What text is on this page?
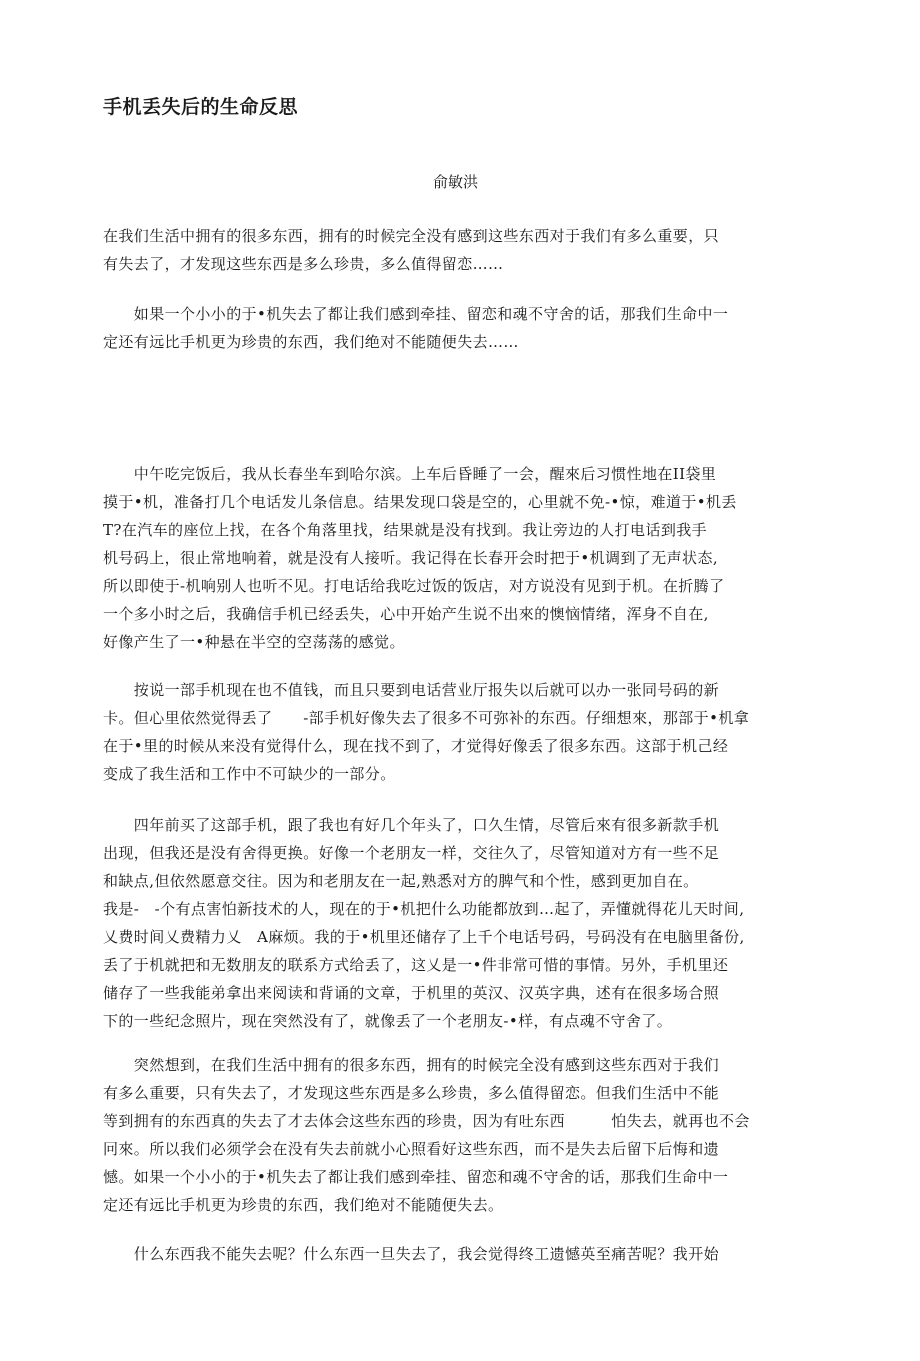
手机丢失后的生命反思
俞敏洪
在我们生活中拥有的很多东西，拥有的时候完全没有感到这些东西对于我们有多么重要，只
有失去了，才发现这些东西是多么珍贵，多么值得留恋……
　　如果一个小小的于•机失去了都让我们感到牵挂、留恋和魂不守舍的话，那我们生命中一
定还有远比手机更为珍贵的东西，我们绝对不能随便失去……
　　中午吃完饭后，我从长春坐车到哈尔滨。上车后昏睡了一会，醒來后习惯性地在II袋里
摸于•机，准备打几个电话发儿条信息。结果发现口袋是空的，心里就不免-•惊，难道于•机丢
T?在汽车的座位上找，在各个角落里找，结果就是没有找到。我让旁边的人打电话到我手
机号码上，很止常地响着，就是没有人接听。我记得在长春开会时把于•机调到了无声状态,
所以即使于-机响别人也听不见。打电话给我吃过饭的饭店，对方说没有见到于机。在折腾了
一个多小时之后，我确信手机已经丢失，心中开始产生说不出來的懊恼情绪，浑身不自在,
好像产生了一•种悬在半空的空荡荡的感觉。
　　按说一部手机现在也不值钱，而且只要到电话营业厅报失以后就可以办一张同号码的新
卡。但心里依然觉得丢了　　-部手机好像失去了很多不可弥补的东西。仔细想來，那部于•机拿
在于•里的时候从来没有觉得什么，现在找不到了，才觉得好像丢了很多东西。这部于机己经
变成了我生活和工作中不可缺少的一部分。
　　四年前买了这部手机，跟了我也有好几个年头了，口久生情，尽管后來有很多新款手机
出现，但我还是没有舍得更换。好像一个老朋友一样，交往久了，尽管知道对方有一些不足
和缺点,但依然愿意交往。因为和老朋友在一起,熟悉对方的脾气和个性，感到更加自在。
我是-　-个有点害怕新技术的人，现在的于•机把什么功能都放到…起了，弄懂就得花儿天时间,
乂费时间乂费精力乂　A麻烦。我的于•机里还储存了上千个电话号码，号码没有在电脑里备份,
丢了于机就把和无数朋友的联系方式给丢了，这乂是一•件非常可惜的事情。另外，手机里还
储存了一些我能弟拿出来阅读和背诵的文章，于机里的英汉、汉英字典，述有在很多场合照
下的一些纪念照片，现在突然没有了，就像丢了一个老朋友-•样，有点魂不守舍了。
　　突然想到，在我们生活中拥有的很多东西，拥有的时候完全没有感到这些东西对于我们
有多么重要，只有失去了，才发现这些东西是多么珍贵，多么值得留恋。但我们生活中不能
等到拥有的东西真的失去了才去体会这些东西的珍贵，因为有吐东西　　　怕失去，就再也不会
冋來。所以我们必须学会在没有失去前就小心照看好这些东西，而不是失去后留下后悔和遗
憾。如果一个小小的于•机失去了都让我们感到牵挂、留恋和魂不守舍的话，那我们生命中一
定还有远比手机更为珍贵的东西，我们绝对不能随便失去。
　　什么东西我不能失去呢？什么东西一旦失去了，我会觉得终工遗憾英至痛苦呢？我开始
